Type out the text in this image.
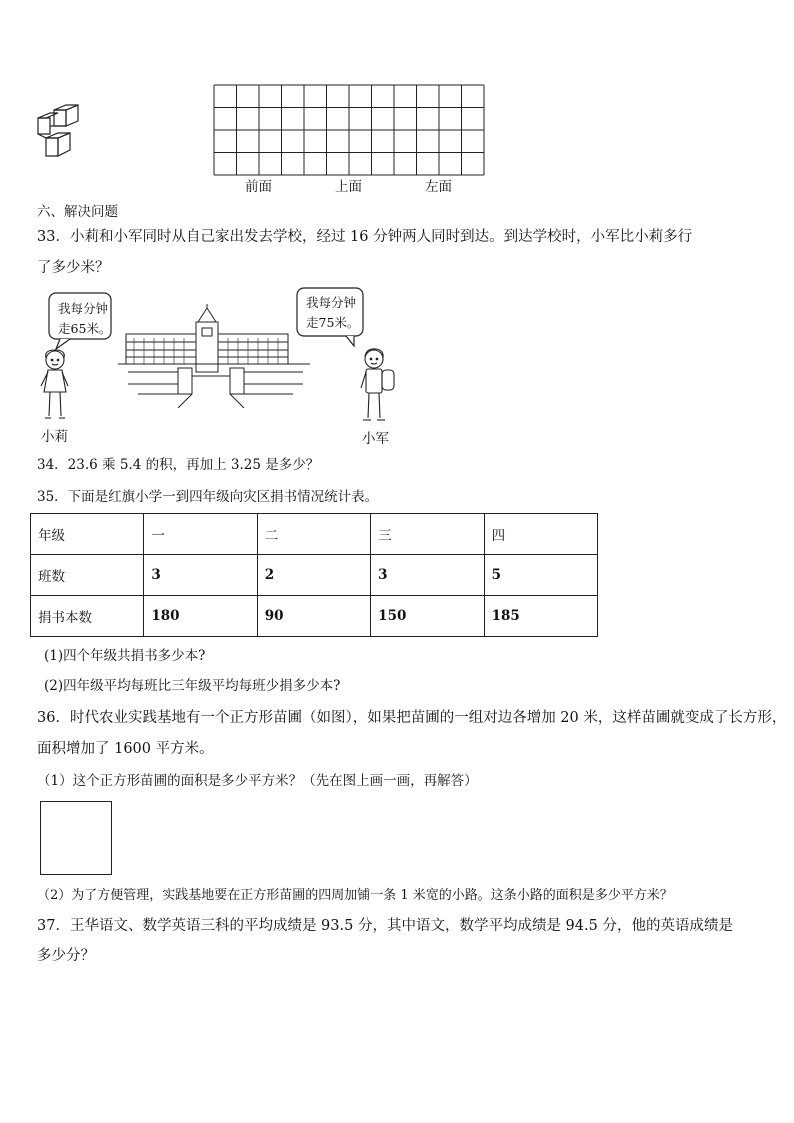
前面	上面	左面
六、解决问题
33．小莉和小军同时从自己家出发去学校，经过 16 分钟两人同时到达。到达学校时，小军比小莉多行
了多少米？
我每分钟
走65米。
我每分钟
走75米。
小莉	小军
34．23.6 乘 5.4 的积，再加上 3.25 是多少？
35．下面是红旗小学一到四年级向灾区捐书情况统计表。
年级	一	二	三	四
班数	3	2	3	5
捐书本数	180	90	150	185
(1)四个年级共捐书多少本?
(2)四年级平均每班比三年级平均每班少捐多少本?
36．时代农业实践基地有一个正方形苗圃（如图），如果把苗圃的一组对边各增加 20 米，这样苗圃就变成了长方形，
面积增加了 1600 平方米。
（1）这个正方形苗圃的面积是多少平方米？（先在图上画一画，再解答）
（2）为了方便管理，实践基地要在正方形苗圃的四周加铺一条 1 米宽的小路。这条小路的面积是多少平方米？
37．王华语文、数学英语三科的平均成绩是 93.5 分，其中语文，数学平均成绩是 94.5 分，他的英语成绩是
多少分？
